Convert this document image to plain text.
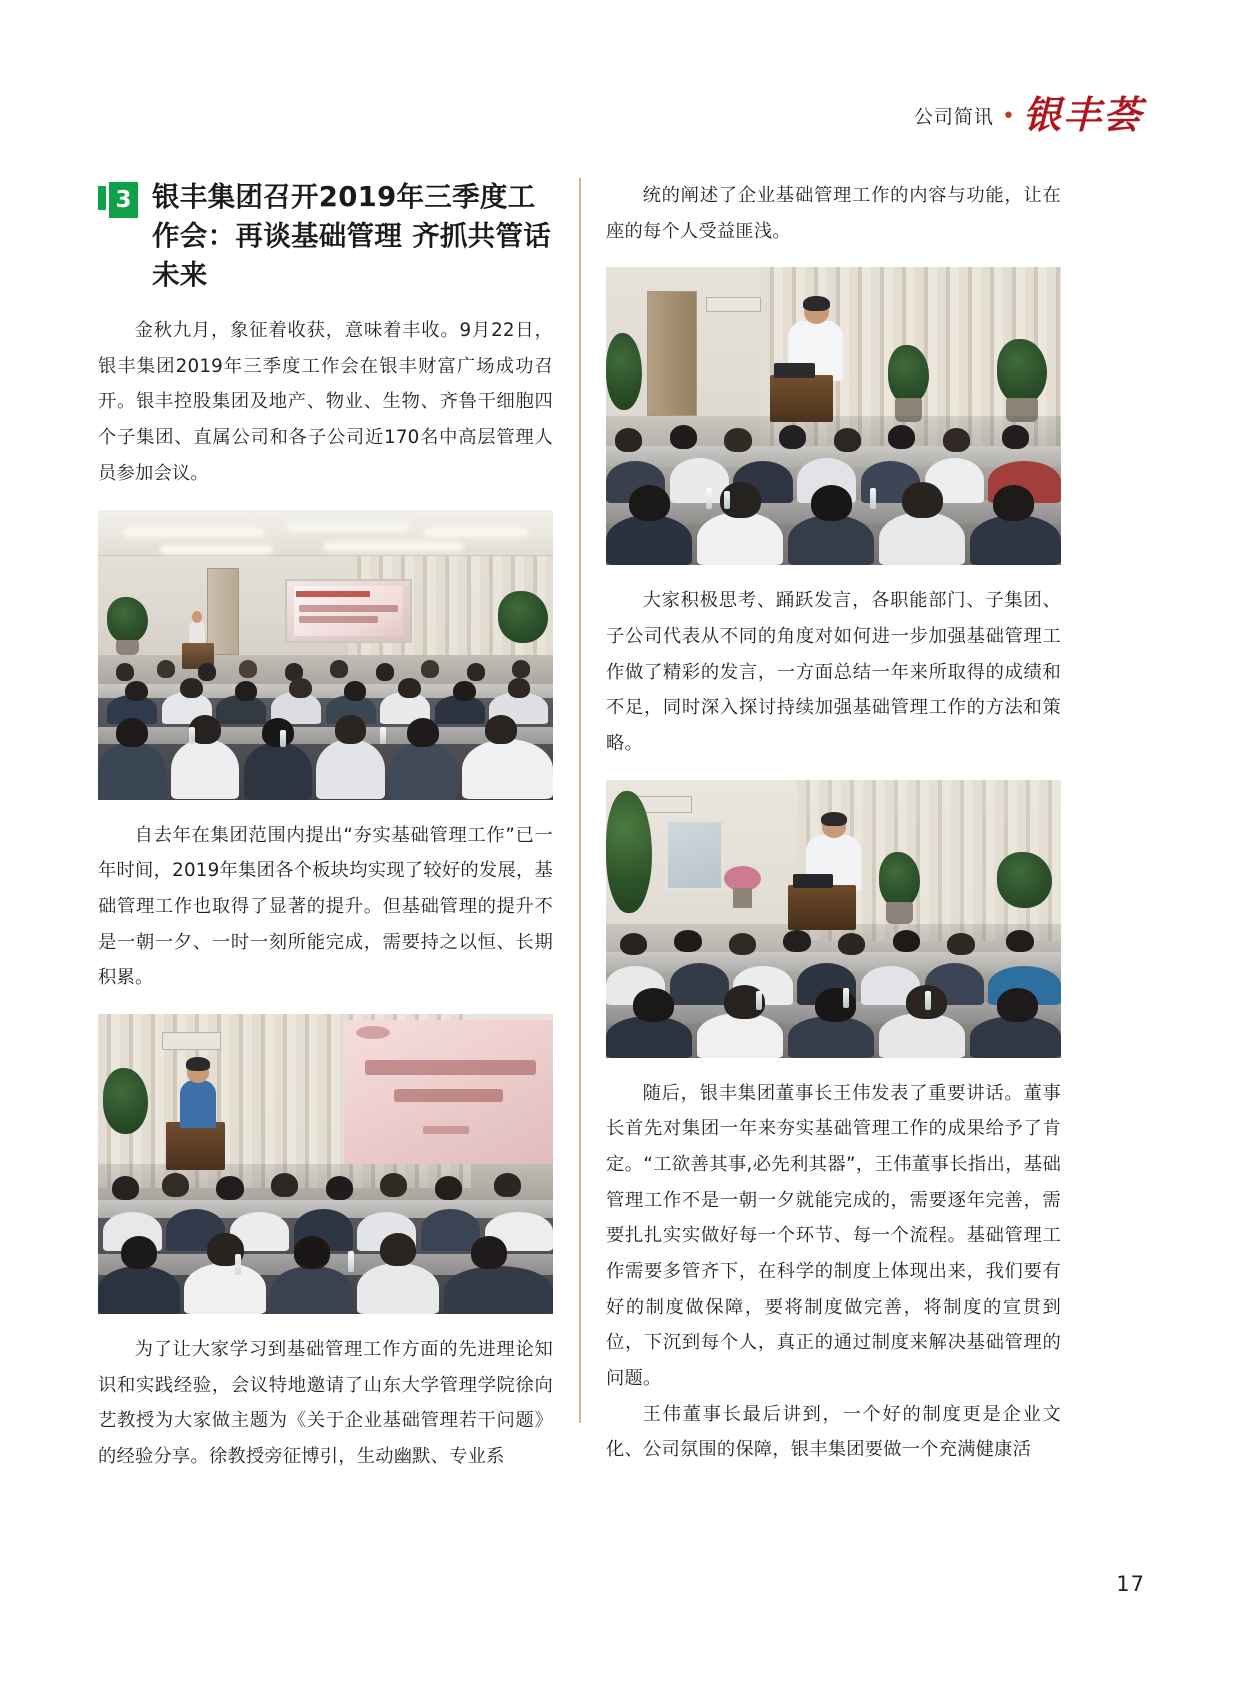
公司简讯 ● 银丰荟
3 银丰集团召开2019年三季度工作会：再谈基础管理 齐抓共管话未来

金秋九月，象征着收获，意味着丰收。9月22日，银丰集团2019年三季度工作会在银丰财富广场成功召开。银丰控股集团及地产、物业、生物、齐鲁干细胞四个子集团、直属公司和各子公司近170名中高层管理人员参加会议。

自去年在集团范围内提出“夯实基础管理工作”已一年时间，2019年集团各个板块均实现了较好的发展，基础管理工作也取得了显著的提升。但基础管理的提升不是一朝一夕、一时一刻所能完成，需要持之以恒、长期积累。

为了让大家学习到基础管理工作方面的先进理论知识和实践经验，会议特地邀请了山东大学管理学院徐向艺教授为大家做主题为《关于企业基础管理若干问题》的经验分享。徐教授旁征博引，生动幽默、专业系

统的阐述了企业基础管理工作的内容与功能，让在座的每个人受益匪浅。

大家积极思考、踊跃发言，各职能部门、子集团、子公司代表从不同的角度对如何进一步加强基础管理工作做了精彩的发言，一方面总结一年来所取得的成绩和不足，同时深入探讨持续加强基础管理工作的方法和策略。

随后，银丰集团董事长王伟发表了重要讲话。董事长首先对集团一年来夯实基础管理工作的成果给予了肯定。“工欲善其事,必先利其器”，王伟董事长指出，基础管理工作不是一朝一夕就能完成的，需要逐年完善，需要扎扎实实做好每一个环节、每一个流程。基础管理工作需要多管齐下，在科学的制度上体现出来，我们要有好的制度做保障，要将制度做完善，将制度的宣贯到位，下沉到每个人，真正的通过制度来解决基础管理的问题。

王伟董事长最后讲到，一个好的制度更是企业文化、公司氛围的保障，银丰集团要做一个充满健康活

17
